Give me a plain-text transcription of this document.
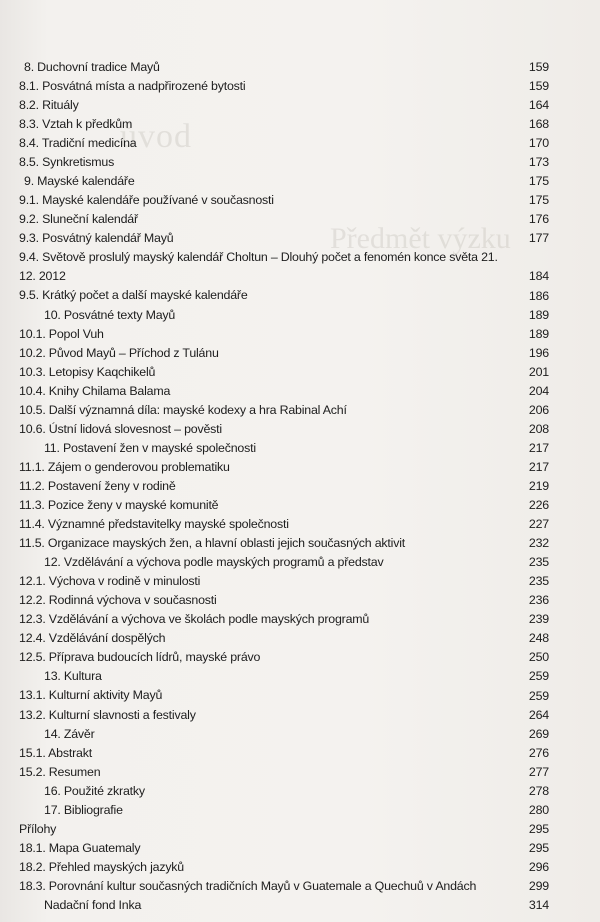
ůvod
Předmět výzku
8. Duchovní tradice Mayů	159
8.1. Posvátná místa a nadpřirozené bytosti	159
8.2. Rituály	164
8.3. Vztah k předkům	168
8.4. Tradiční medicína	170
8.5. Synkretismus	173
9. Mayské kalendáře	175
9.1. Mayské kalendáře používané v současnosti	175
9.2. Sluneční kalendář	176
9.3. Posvátný kalendář Mayů	177
9.4. Světově proslulý mayský kalendář Choltun – Dlouhý počet a fenomén konce světa 21. 12. 2012	184
9.5. Krátký počet a další mayské kalendáře	186
10. Posvátné texty Mayů	189
10.1. Popol Vuh	189
10.2. Původ Mayů – Příchod z Tulánu	196
10.3. Letopisy Kaqchikelů	201
10.4. Knihy Chilama Balama	204
10.5. Další významná díla: mayské kodexy a hra Rabinal Achí	206
10.6. Ústní lidová slovesnost – pověsti	208
11. Postavení žen v mayské společnosti	217
11.1. Zájem o genderovou problematiku	217
11.2. Postavení ženy v rodině	219
11.3. Pozice ženy v mayské komunitě	226
11.4. Významné představitelky mayské společnosti	227
11.5. Organizace mayských žen, a hlavní oblasti jejich současných aktivit	232
12. Vzdělávání a výchova podle mayských programů a představ	235
12.1. Výchova v rodině v minulosti	235
12.2. Rodinná výchova v současnosti	236
12.3. Vzdělávání a výchova ve školách podle mayských programů	239
12.4. Vzdělávání dospělých	248
12.5. Příprava budoucích lídrů, mayské právo	250
13. Kultura	259
13.1. Kulturní aktivity Mayů	259
13.2. Kulturní slavnosti a festivaly	264
14. Závěr	269
15.1. Abstrakt	276
15.2. Resumen	277
16. Použité zkratky	278
17. Bibliografie	280
Přílohy	295
18.1. Mapa Guatemaly	295
18.2. Přehled mayských jazyků	296
18.3. Porovnání kultur současných tradičních Mayů v Guatemale a Quechuů v Andách	299
Nadační fond Inka	314
